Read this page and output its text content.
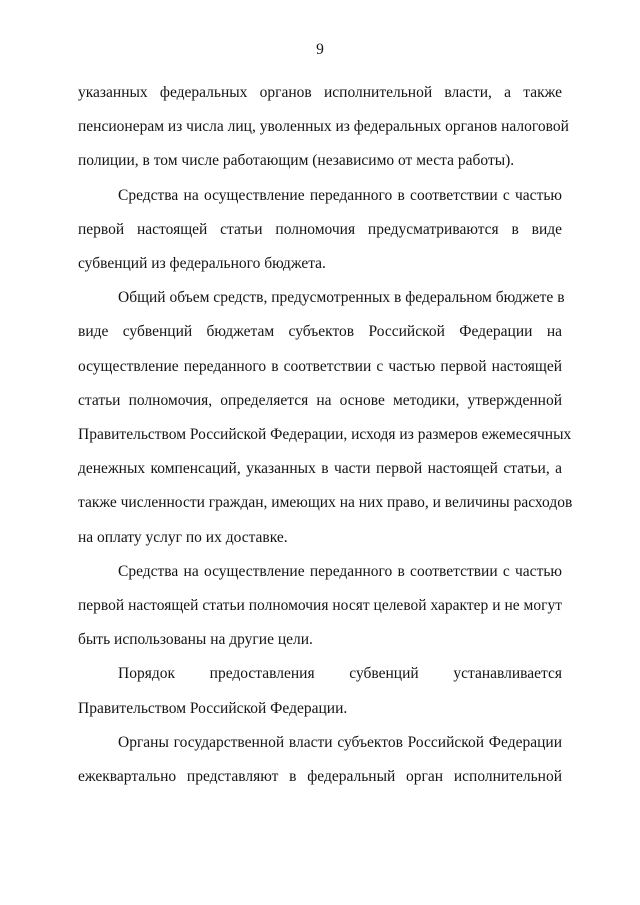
9

указанных федеральных органов исполнительной власти, а также
пенсионерам из числа лиц, уволенных из федеральных органов налоговой
полиции, в том числе работающим (независимо от места работы).

Средства на осуществление переданного в соответствии с частью
первой настоящей статьи полномочия предусматриваются в виде
субвенций из федерального бюджета.

Общий объем средств, предусмотренных в федеральном бюджете в
виде субвенций бюджетам субъектов Российской Федерации на
осуществление переданного в соответствии с частью первой настоящей
статьи полномочия, определяется на основе методики, утвержденной
Правительством Российской Федерации, исходя из размеров ежемесячных
денежных компенсаций, указанных в части первой настоящей статьи, а
также численности граждан, имеющих на них право, и величины расходов
на оплату услуг по их доставке.

Средства на осуществление переданного в соответствии с частью
первой настоящей статьи полномочия носят целевой характер и не могут
быть использованы на другие цели.

Порядок предоставления субвенций устанавливается
Правительством Российской Федерации.

Органы государственной власти субъектов Российской Федерации
ежеквартально представляют в федеральный орган исполнительной
